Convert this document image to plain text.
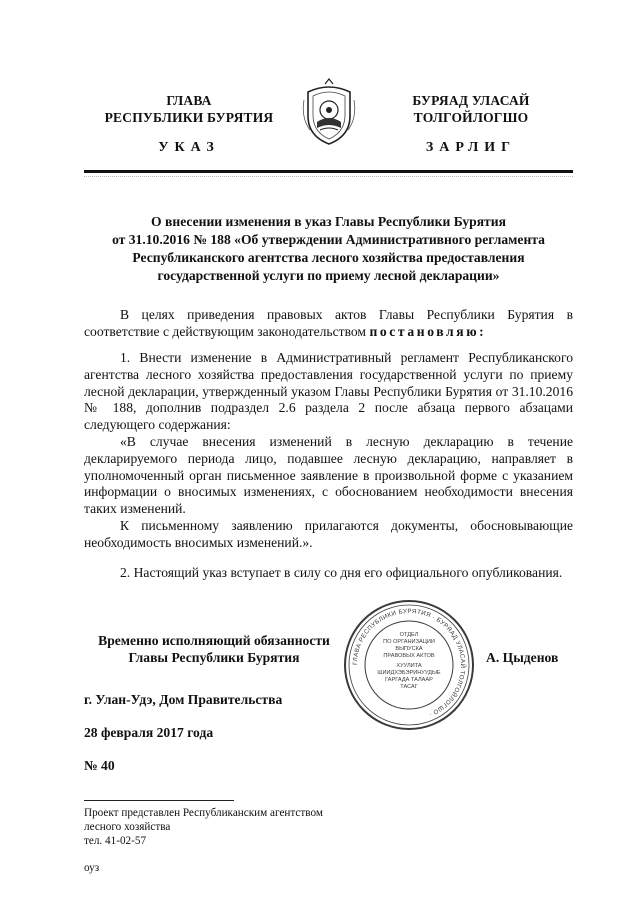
ГЛАВА
РЕСПУБЛИКИ БУРЯТИЯ
БУРЯАД УЛАСАЙ
ТОЛГОЙЛОГШО
УКАЗ	ЗАРЛИГ
О внесении изменения в указ Главы Республики Бурятия
от 31.10.2016 № 188 «Об утверждении Административного регламента
Республиканского агентства лесного хозяйства предоставления
государственной услуги по приему лесной декларации»
В целях приведения правовых актов Главы Республики Бурятия в соответствие с действующим законодательством постановляю:
1. Внести изменение в Административный регламент Республиканского агентства лесного хозяйства предоставления государственной услуги по приему лесной декларации, утвержденный указом Главы Республики Бурятия от 31.10.2016 № 188, дополнив подраздел 2.6 раздела 2 после абзаца первого абзацами следующего содержания:
«В случае внесения изменений в лесную декларацию в течение декларируемого периода лицо, подавшее лесную декларацию, направляет в уполномоченный орган письменное заявление в произвольной форме с указанием информации о вносимых изменениях, с обоснованием необходимости внесения таких изменений.
К письменному заявлению прилагаются документы, обосновывающие необходимость вносимых изменений.».
2. Настоящий указ вступает в силу со дня его официального опубликования.
Временно исполняющий обязанности
Главы Республики Бурятия	А. Цыденов
ГЛАВА РЕСПУБЛИКИ БУРЯТИЯ · БУРЯАД УЛАСАЙ ТОЛГОЙЛОГШО ·
ОТДЕЛ
ПО ОРГАНИЗАЦИИ
ВЫПУСКА
ПРАВОВЫХ АКТОВ
ХУУЛИТА
ШИИДХЭБЭРИНУУДЫЕ
ГАРГАДА ТАЛААР
ТАСАГ
г. Улан-Удэ, Дом Правительства
28 февраля 2017 года
№ 40
Проект представлен Республиканским агентством
лесного хозяйства
тел. 41-02-57
оуз
